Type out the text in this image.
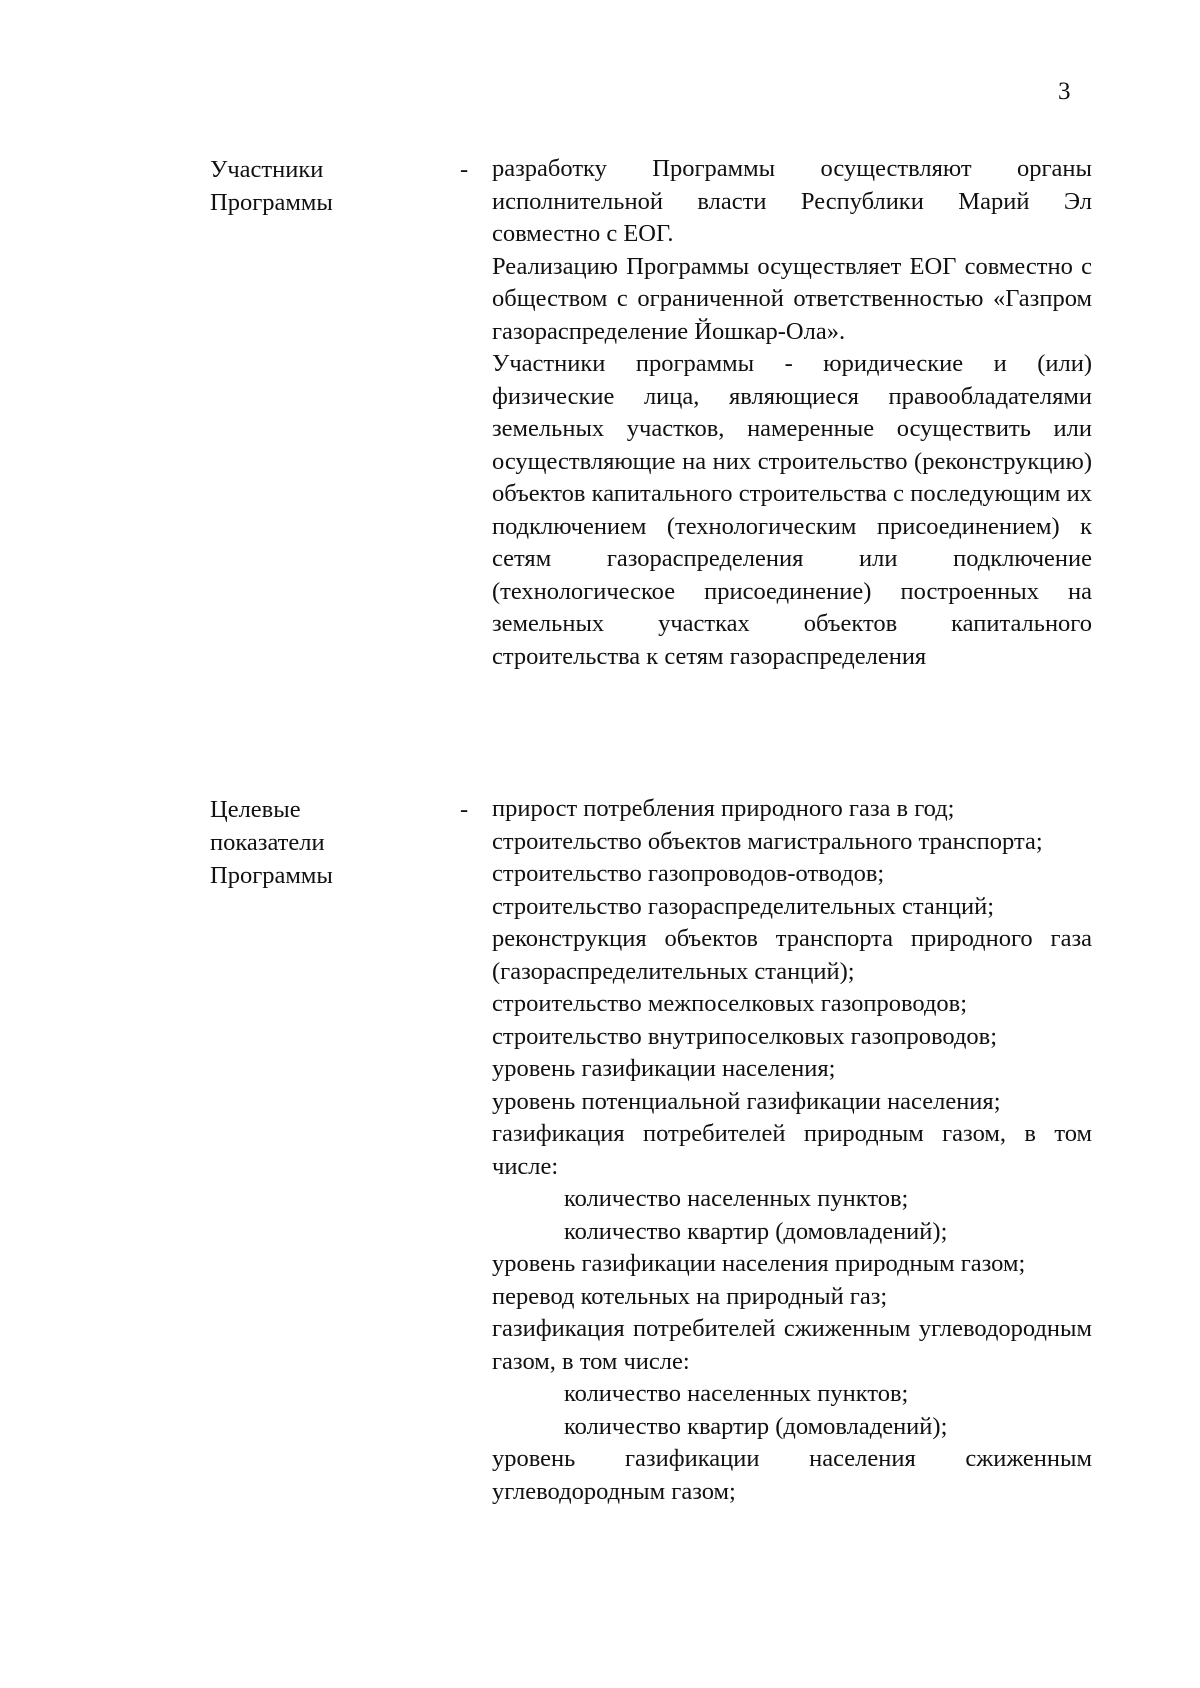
3
Участники
Программы
- разработку Программы осуществляют органы исполнительной власти Республики Марий Эл совместно с ЕОГ.

Реализацию Программы осуществляет ЕОГ совместно с обществом с ограниченной ответственностью «Газпром газораспределение Йошкар-Ола».

Участники программы - юридические и (или) физические лица, являющиеся правообладателями земельных участков, намеренные осуществить или осуществляющие на них строительство (реконструкцию) объектов капитального строительства с последующим их подключением (технологическим присоединением) к сетям газораспределения или подключение (технологическое присоединение) построенных на земельных участках объектов капитального строительства к сетям газораспределения

Целевые
показатели
Программы
- прирост потребления природного газа в год;

строительство объектов магистрального транспорта;

строительство газопроводов-отводов;

строительство газораспределительных станций;

реконструкция объектов транспорта природного газа (газораспределительных станций);

строительство межпоселковых газопроводов;

строительство внутрипоселковых газопроводов;

уровень газификации населения;

уровень потенциальной газификации населения;

газификация потребителей природным газом, в том числе:

количество населенных пунктов;

количество квартир (домовладений);

уровень газификации населения природным газом;

перевод котельных на природный газ;

газификация потребителей сжиженным углеводородным газом, в том числе:

количество населенных пунктов;

количество квартир (домовладений);

уровень газификации населения сжиженным углеводородным газом;
